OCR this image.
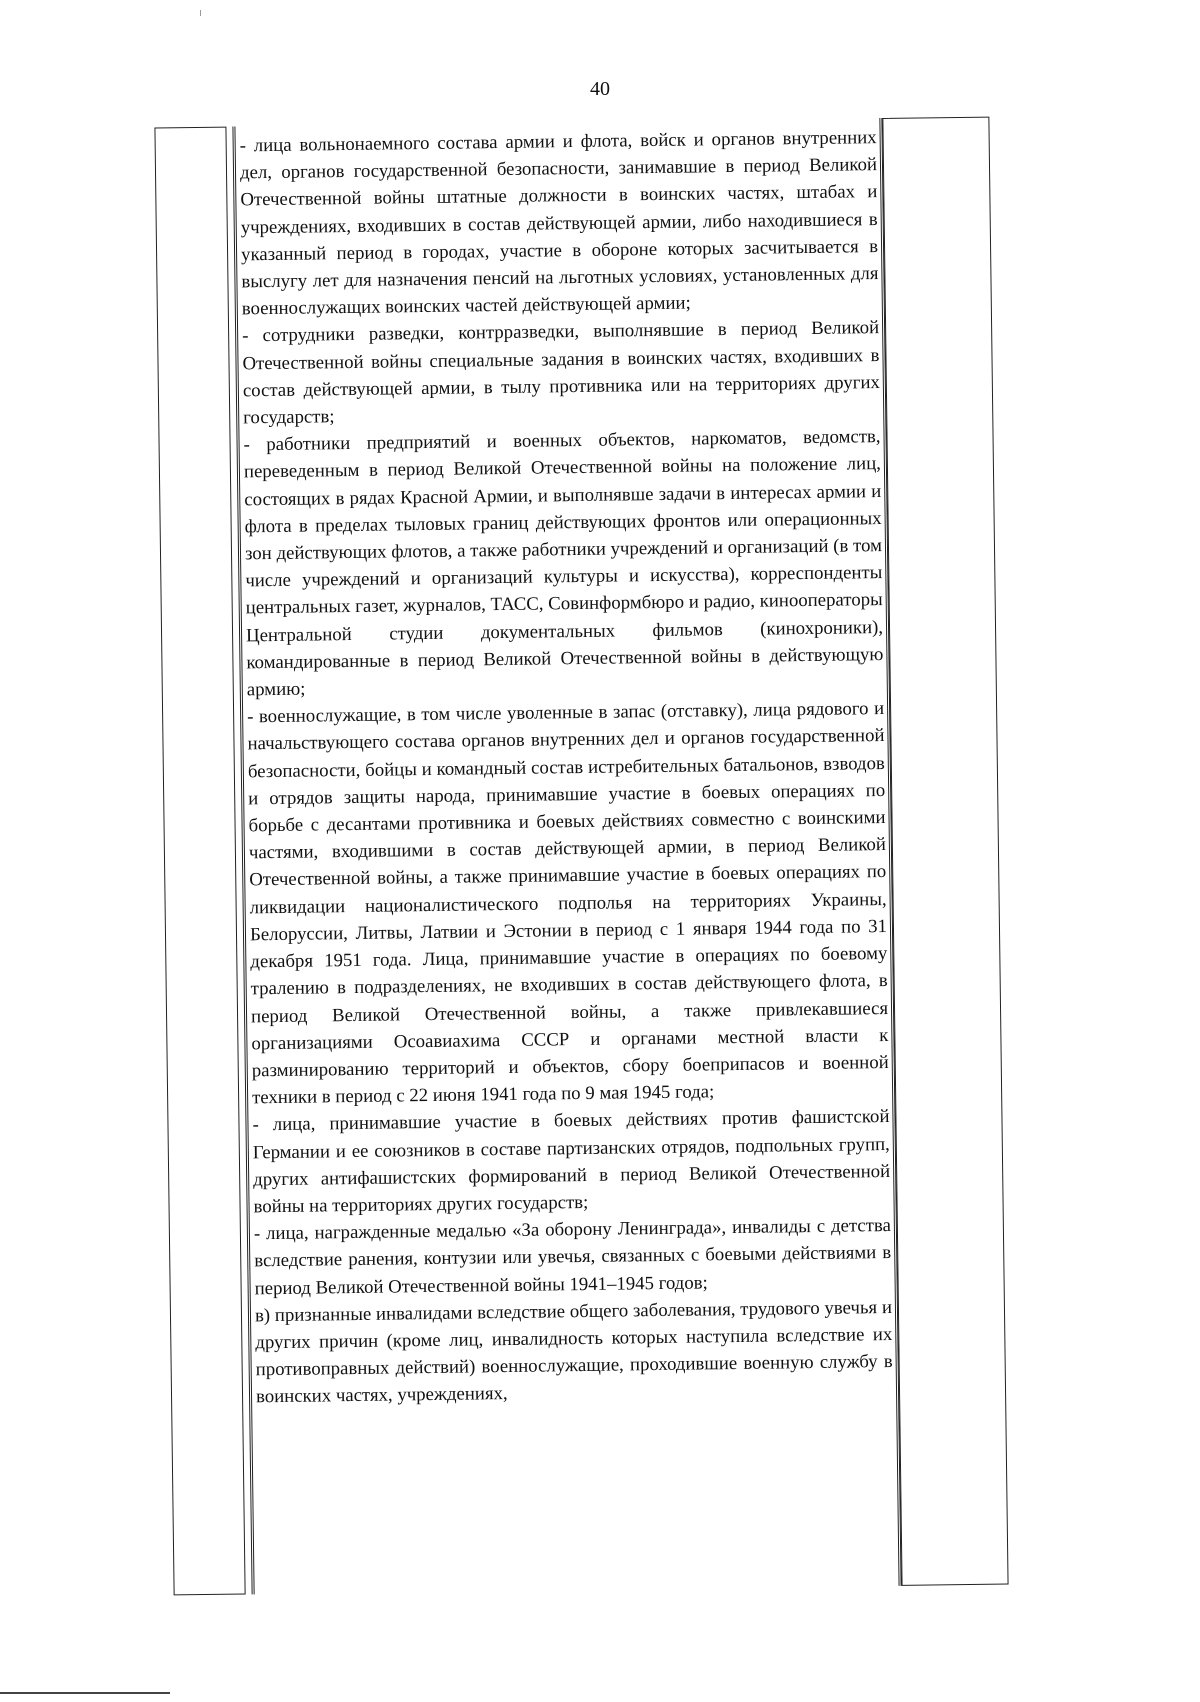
40

- лица вольнонаемного состава армии и флота, войск и органов внутренних дел, органов государственной безопасности, занимавшие в период Великой Отечественной войны штатные должности в воинских частях, штабах и учреждениях, входивших в состав действующей армии, либо находившиеся в указанный период в городах, участие в обороне которых засчитывается в выслугу лет для назначения пенсий на льготных условиях, установленных для военнослужащих воинских частей действующей армии;

- сотрудники разведки, контрразведки, выполнявшие в период Великой Отечественной войны специальные задания в воинских частях, входивших в состав действующей армии, в тылу противника или на территориях других государств;

- работники предприятий и военных объектов, наркоматов, ведомств, переведенным в период Великой Отечественной войны на положение лиц, состоящих в рядах Красной Армии, и выполнявше задачи в интересах армии и флота в пределах тыловых границ действующих фронтов или операционных зон действующих флотов, а также работники учреждений и организаций (в том числе учреждений и организаций культуры и искусства), корреспонденты центральных газет, журналов, ТАСС, Совинформбюро и радио, кинооператоры Центральной студии документальных фильмов (кинохроники), командированные в период Великой Отечественной войны в действующую армию;

- военнослужащие, в том числе уволенные в запас (отставку), лица рядового и начальствующего состава органов внутренних дел и органов государственной безопасности, бойцы и командный состав истребительных батальонов, взводов и отрядов защиты народа, принимавшие участие в боевых операциях по борьбе с десантами противника и боевых действиях совместно с воинскими частями, входившими в состав действующей армии, в период Великой Отечественной войны, а также принимавшие участие в боевых операциях по ликвидации националистического подполья на территориях Украины, Белоруссии, Литвы, Латвии и Эстонии в период с 1 января 1944 года по 31 декабря 1951 года. Лица, принимавшие участие в операциях по боевому тралению в подразделениях, не входивших в состав действующего флота, в период Великой Отечественной войны, а также привлекавшиеся организациями Осоавиахима СССР и органами местной власти к разминированию территорий и объектов, сбору боеприпасов и военной техники в период с 22 июня 1941 года по 9 мая 1945 года;

- лица, принимавшие участие в боевых действиях против фашистской Германии и ее союзников в составе партизанских отрядов, подпольных групп, других антифашистских формирований в период Великой Отечественной войны на территориях других государств;

- лица, награжденные медалью «За оборону Ленинграда», инвалиды с детства вследствие ранения, контузии или увечья, связанных с боевыми действиями в период Великой Отечественной войны 1941–1945 годов;

в) признанные инвалидами вследствие общего заболевания, трудового увечья и других причин (кроме лиц, инвалидность которых наступила вследствие их противоправных действий) военнослужащие, проходившие военную службу в воинских частях, учреждениях,
